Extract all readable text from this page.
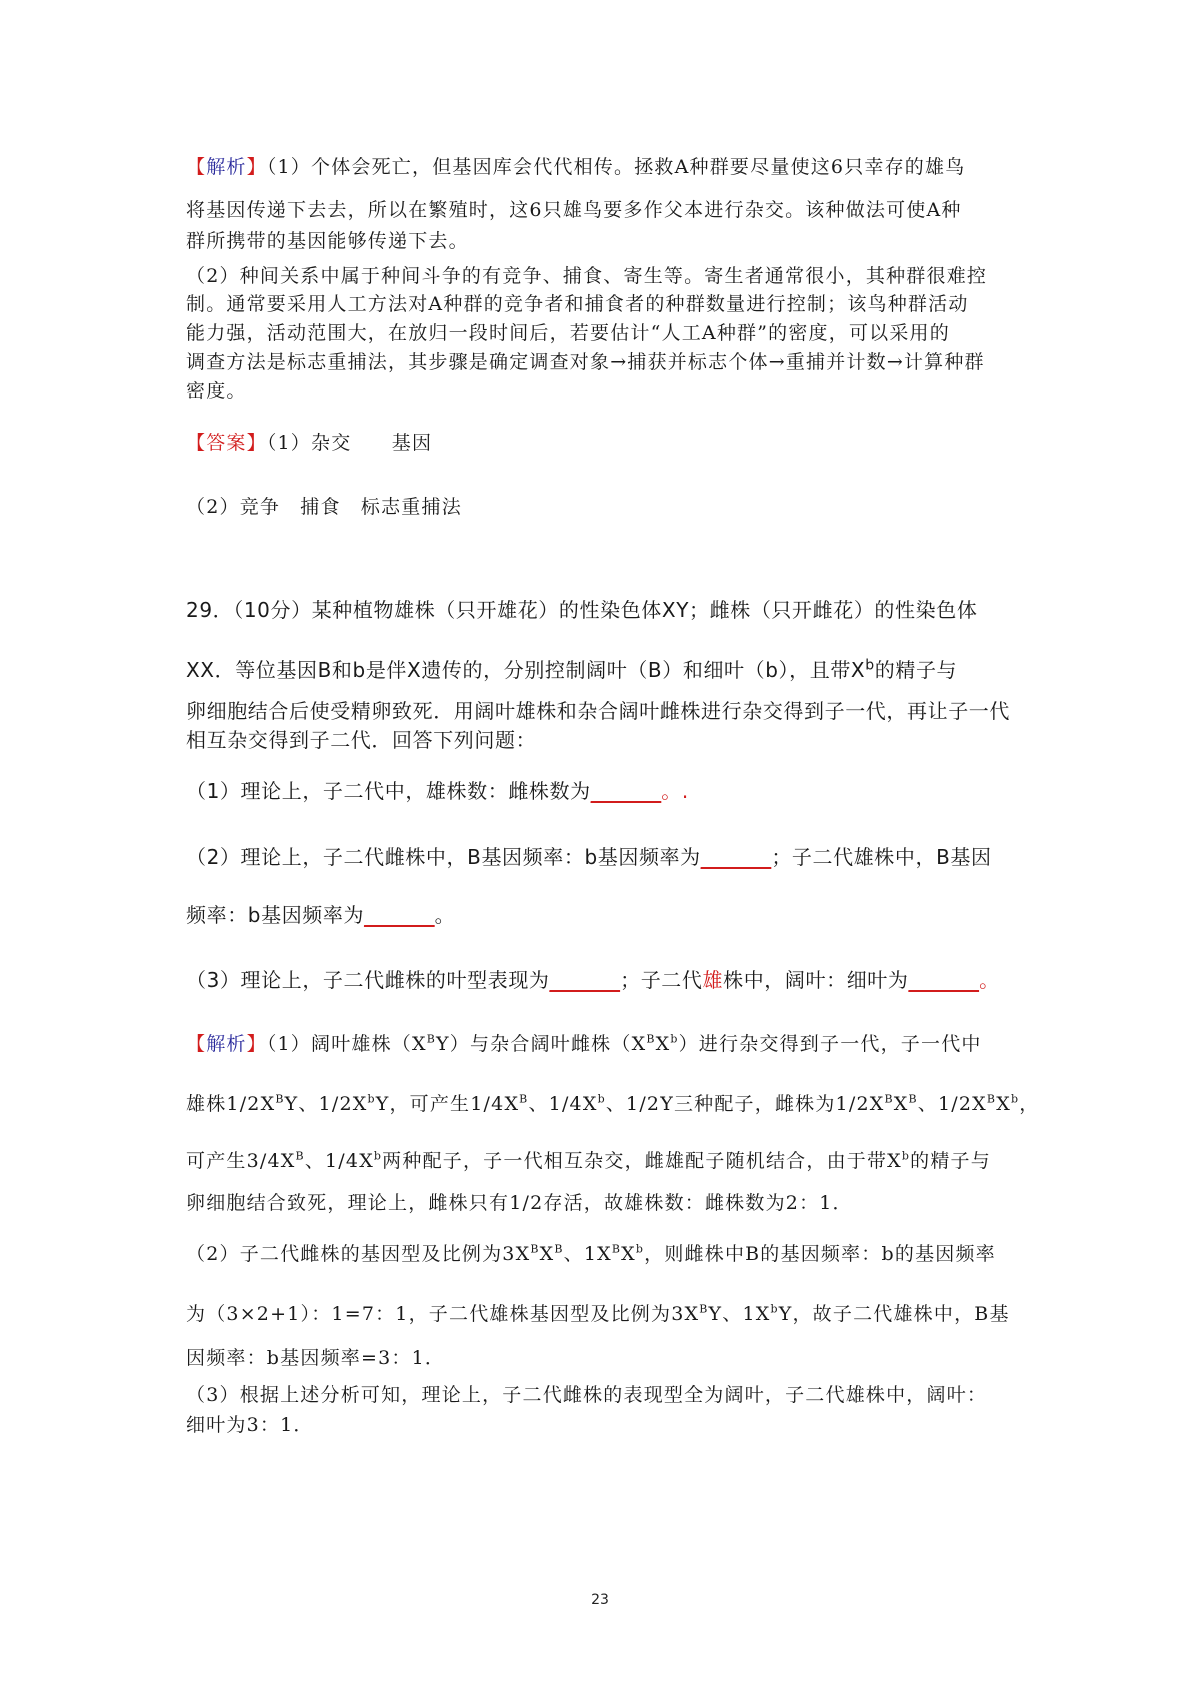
【解析】（1）个体会死亡，但基因库会代代相传。拯救A种群要尽量使这6只幸存的雄鸟
将基因传递下去去，所以在繁殖时，这6只雄鸟要多作父本进行杂交。该种做法可使A种
群所携带的基因能够传递下去。
（2）种间关系中属于种间斗争的有竞争、捕食、寄生等。寄生者通常很小，其种群很难控
制。通常要采用人工方法对A种群的竞争者和捕食者的种群数量进行控制；该鸟种群活动
能力强，活动范围大，在放归一段时间后，若要估计“人工A种群”的密度，可以采用的
调查方法是标志重捕法，其步骤是确定调查对象→捕获并标志个体→重捕并计数→计算种群
密度。
【答案】（1）杂交　　基因
（2）竞争　捕食　标志重捕法
29．（10分）某种植物雄株（只开雄花）的性染色体XY；雌株（只开雌花）的性染色体
XX．等位基因B和b是伴X遗传的，分别控制阔叶（B）和细叶（b），且带$X^b$的精子与
卵细胞结合后使受精卵致死．用阔叶雄株和杂合阔叶雌株进行杂交得到子一代，再让子一代
相互杂交得到子二代．回答下列问题：
（1）理论上，子二代中，雄株数：雌株数为____ __。.
（2）理论上，子二代雌株中，B基因频率：b基因频率为____ __；子二代雄株中，B基因
频率：b基因频率为____ __。
（3）理论上，子二代雌株的叶型表现为____ __；子二代雄株中，阔叶：细叶为____ __。
【解析】（1）阔叶雄株$(X^BY)$与杂合阔叶雌株$(X^BX^b)$进行杂交得到子一代，子一代中
雄株$1/2X^BY$、$1/2X^bY$，可产生$1/4X^B$、$1/4X^b$、1/2Y三种配子，雌株为$1/2X^BX^B$、$1/2X^BX^b$，
可产生$3/4X^B$、$1/4X^b$两种配子，子一代相互杂交，雌雄配子随机结合，由于带$X^b$的精子与
卵细胞结合致死，理论上，雌株只有1/2存活，故雄株数：雌株数为2：1．
（2）子二代雌株的基因型及比例为$3X^BX^B$、$1X^BX^b$，则雌株中B的基因频率：b的基因频率
为（3×2+1）：1=7：1，子二代雄株基因型及比例为$3X^BY$、$1X^bY$，故子二代雄株中，B基
因频率：b基因频率=3：1．
（3）根据上述分析可知，理论上，子二代雌株的表现型全为阔叶，子二代雄株中，阔叶：
细叶为3：1．
23
